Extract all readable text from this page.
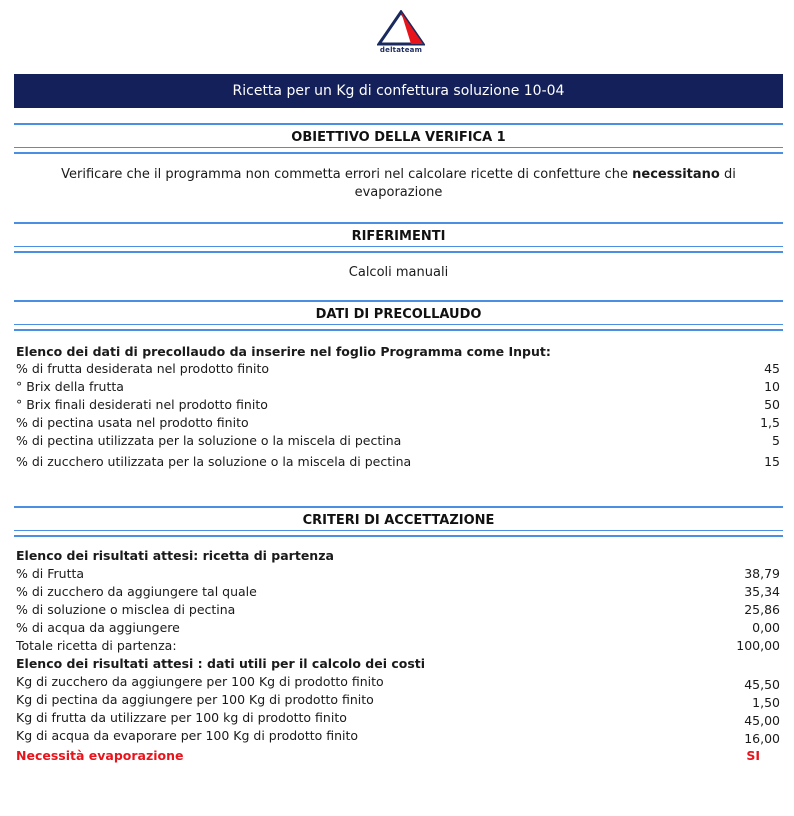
deltateam
Ricetta per un Kg di confettura soluzione 10-04
OBIETTIVO DELLA VERIFICA 1
Verificare che il programma non commetta errori nel calcolare ricette di confetture che necessitano di evaporazione
RIFERIMENTI
Calcoli manuali
DATI DI PRECOLLAUDO
Elenco dei dati di precollaudo da inserire nel foglio Programma come Input:
% di frutta desiderata nel prodotto finito	45
° Brix della frutta	10
° Brix finali desiderati nel prodotto finito	50
% di pectina usata nel prodotto finito	1,5
% di pectina utilizzata per la soluzione o la miscela di pectina	5
% di zucchero utilizzata per la soluzione o la miscela di pectina	15
CRITERI DI ACCETTAZIONE
Elenco dei risultati attesi: ricetta di partenza
% di Frutta	38,79
% di zucchero da aggiungere tal quale	35,34
% di soluzione o misclea di pectina	25,86
% di acqua da aggiungere	0,00
Totale ricetta di partenza:	100,00
Elenco dei risultati attesi : dati utili per il calcolo dei costi
Kg di zucchero da aggiungere per 100 Kg di prodotto finito	45,50
Kg di pectina da aggiungere per 100 Kg di prodotto finito	1,50
Kg di frutta da utilizzare per 100 kg di prodotto finito	45,00
Kg di acqua da evaporare per 100 Kg di prodotto finito	16,00
Necessità evaporazione	SI
